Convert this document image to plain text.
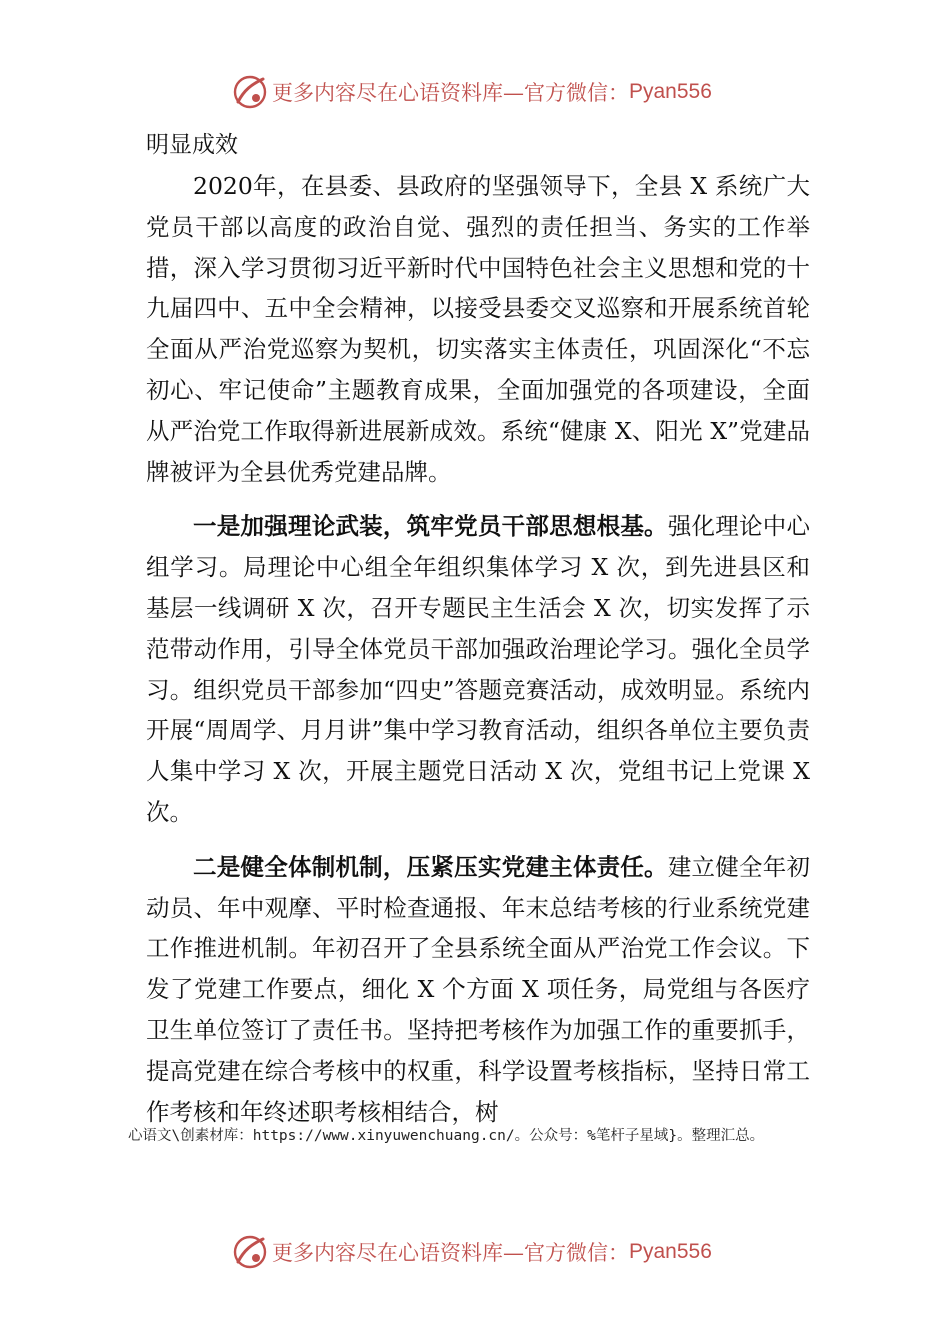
更多内容尽在心语资料库—官方微信： Pyan556
明显成效

2020年，在县委、县政府的坚强领导下，全县 X 系统广大党员干部以高度的政治自觉、强烈的责任担当、务实的工作举措，深入学习贯彻习近平新时代中国特色社会主义思想和党的十九届四中、五中全会精神，以接受县委交叉巡察和开展系统首轮全面从严治党巡察为契机，切实落实主体责任，巩固深化“不忘初心、牢记使命”主题教育成果，全面加强党的各项建设，全面从严治党工作取得新进展新成效。系统“健康 X、阳光 X”党建品牌被评为全县优秀党建品牌。

一是加强理论武装，筑牢党员干部思想根基。强化理论中心组学习。局理论中心组全年组织集体学习 X 次，到先进县区和基层一线调研 X 次，召开专题民主生活会 X 次，切实发挥了示范带动作用，引导全体党员干部加强政治理论学习。强化全员学习。组织党员干部参加“四史”答题竞赛活动，成效明显。系统内开展“周周学、月月讲”集中学习教育活动，组织各单位主要负责人集中学习 X 次，开展主题党日活动 X 次，党组书记上党课 X 次。

二是健全体制机制，压紧压实党建主体责任。建立健全年初动员、年中观摩、平时检查通报、年末总结考核的行业系统党建工作推进机制。年初召开了全县系统全面从严治党工作会议。下发了党建工作要点，细化 X 个方面 X 项任务，局党组与各医疗卫生单位签订了责任书。坚持把考核作为加强工作的重要抓手，提高党建在综合考核中的权重，科学设置考核指标，坚持日常工作考核和年终述职考核相结合，树

心语文\创素材库：https://www.xinyuwenchuang.cn/。公众号：%笔杆子星域}。整理汇总。
更多内容尽在心语资料库—官方微信： Pyan556
